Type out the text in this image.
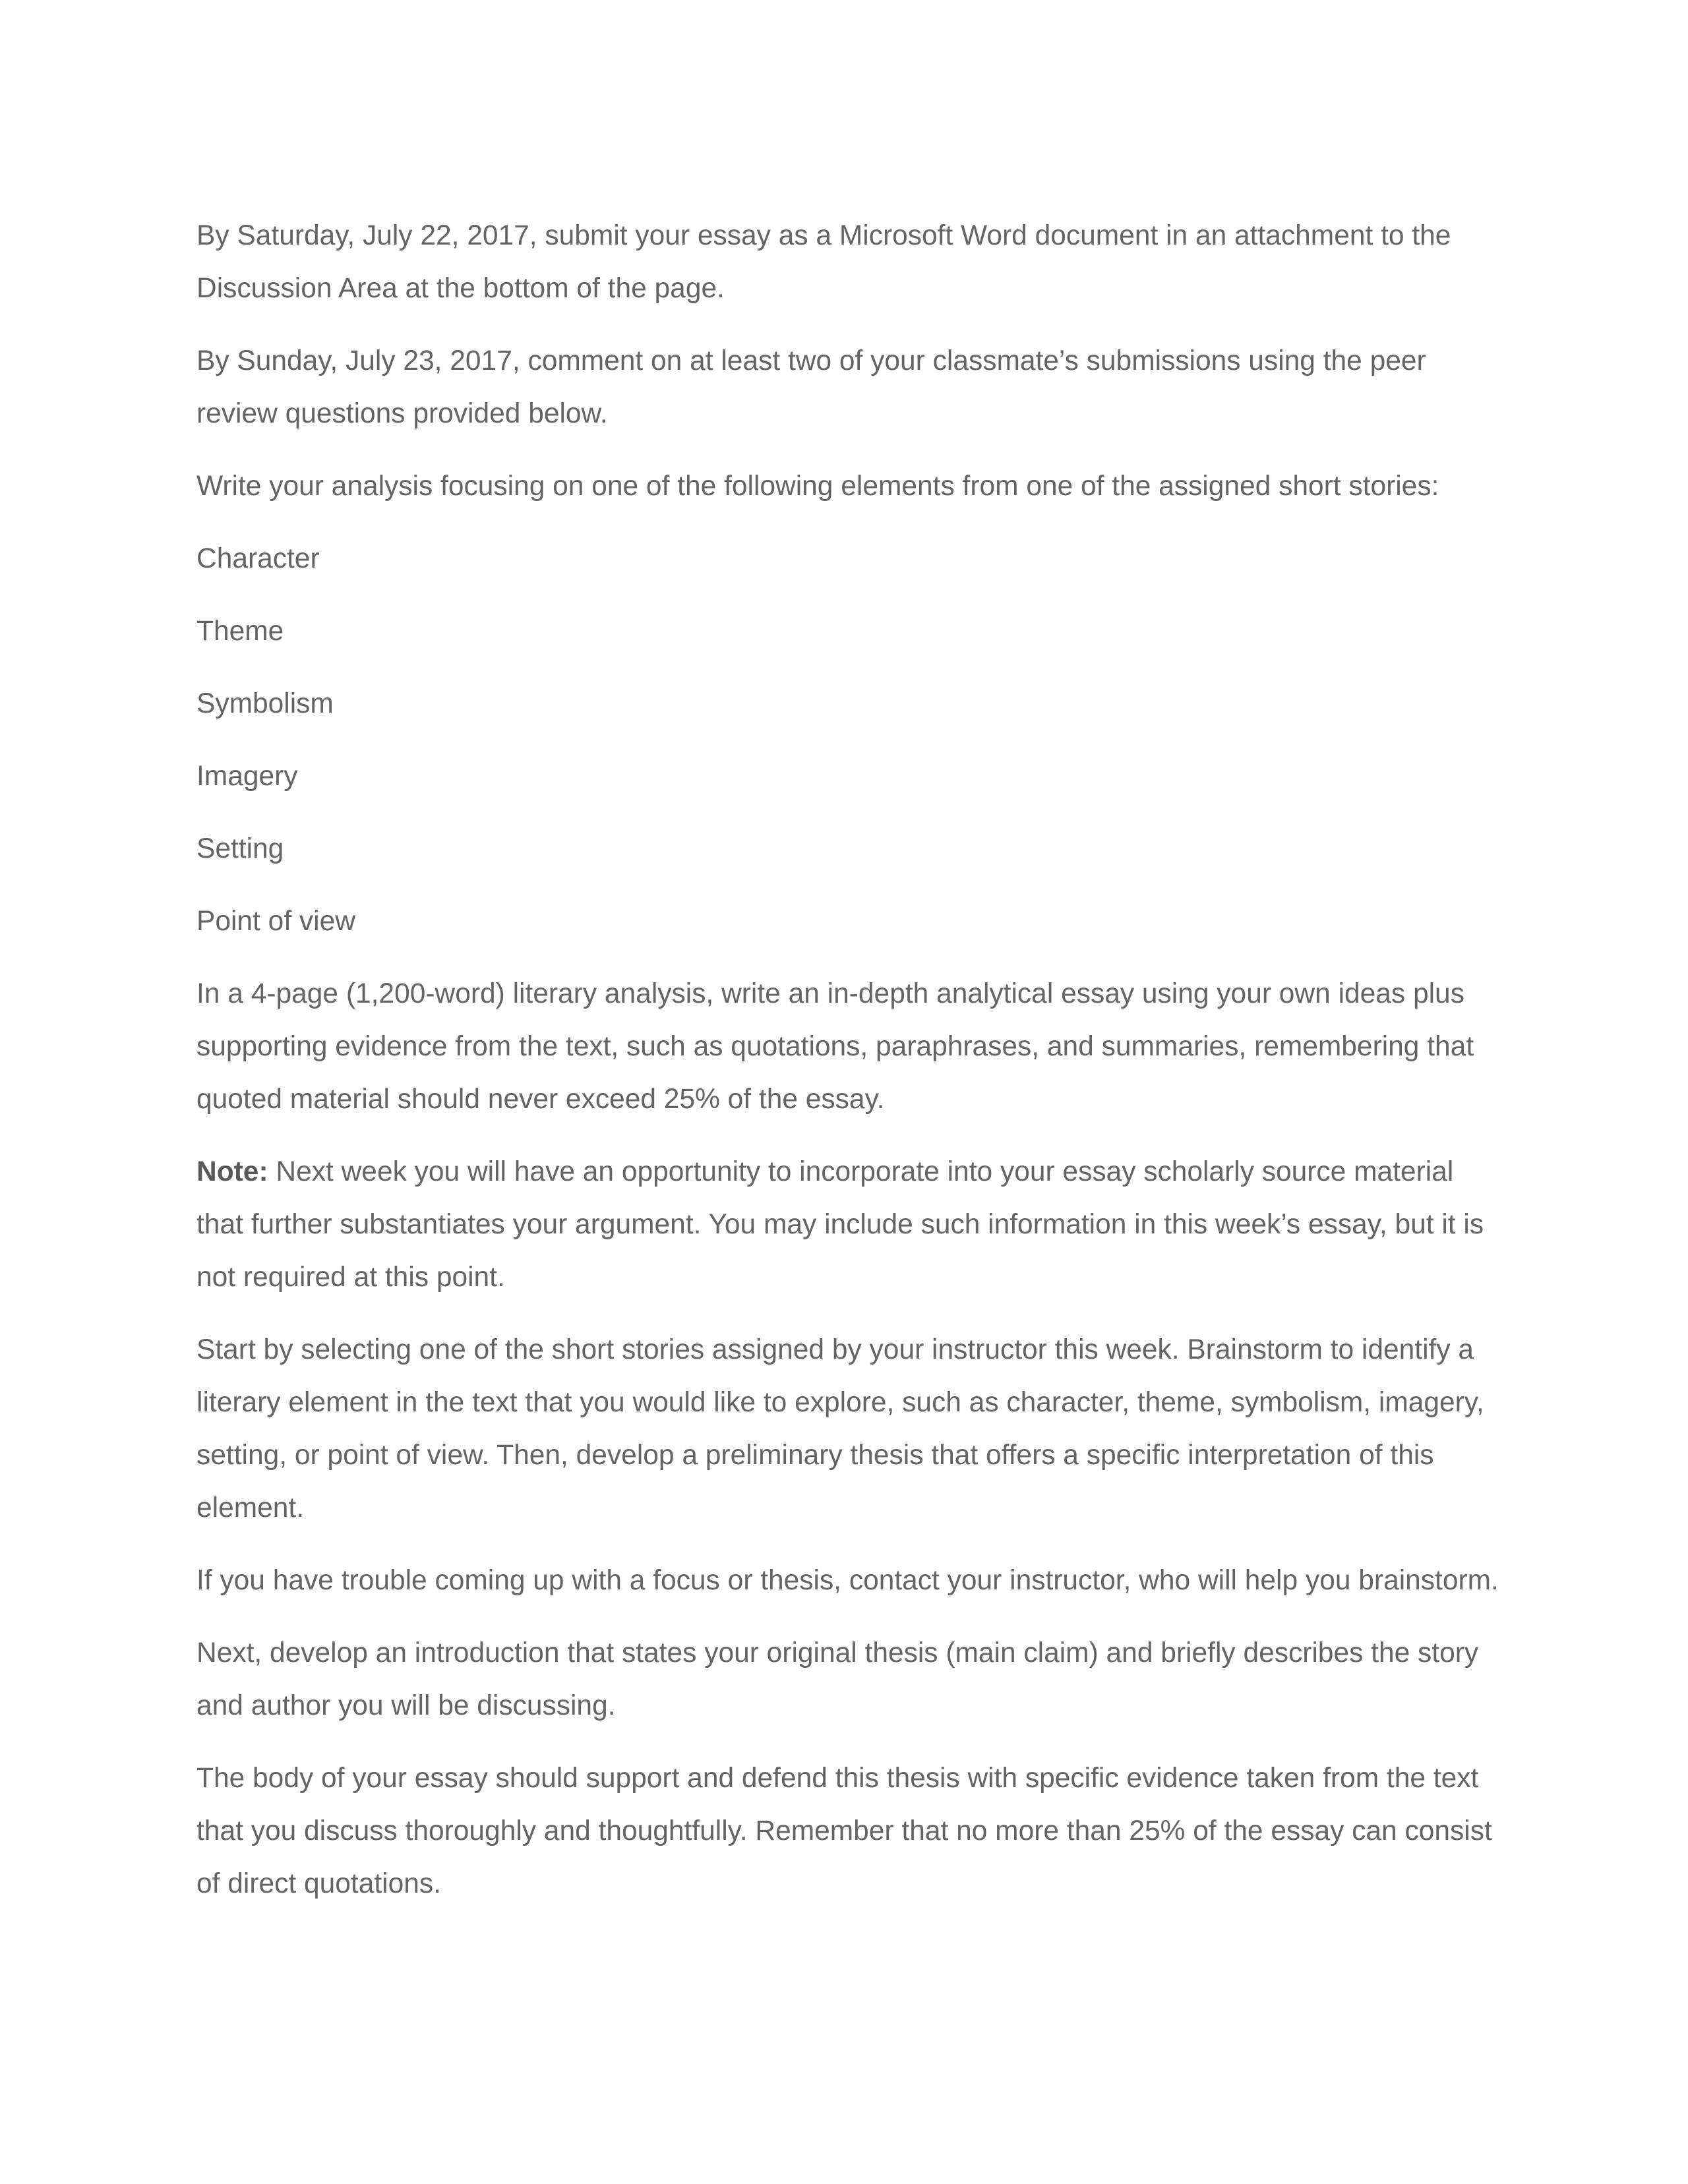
By Saturday, July 22, 2017, submit your essay as a Microsoft Word document in an attachment to the Discussion Area at the bottom of the page.

By Sunday, July 23, 2017, comment on at least two of your classmate’s submissions using the peer review questions provided below.

Write your analysis focusing on one of the following elements from one of the assigned short stories:

Character

Theme

Symbolism

Imagery

Setting

Point of view

In a 4-page (1,200-word) literary analysis, write an in-depth analytical essay using your own ideas plus supporting evidence from the text, such as quotations, paraphrases, and summaries, remembering that quoted material should never exceed 25% of the essay.

Note: Next week you will have an opportunity to incorporate into your essay scholarly source material that further substantiates your argument. You may include such information in this week’s essay, but it is not required at this point.

Start by selecting one of the short stories assigned by your instructor this week. Brainstorm to identify a literary element in the text that you would like to explore, such as character, theme, symbolism, imagery, setting, or point of view. Then, develop a preliminary thesis that offers a specific interpretation of this element.

If you have trouble coming up with a focus or thesis, contact your instructor, who will help you brainstorm.

Next, develop an introduction that states your original thesis (main claim) and briefly describes the story and author you will be discussing.

The body of your essay should support and defend this thesis with specific evidence taken from the text that you discuss thoroughly and thoughtfully. Remember that no more than 25% of the essay can consist of direct quotations.
